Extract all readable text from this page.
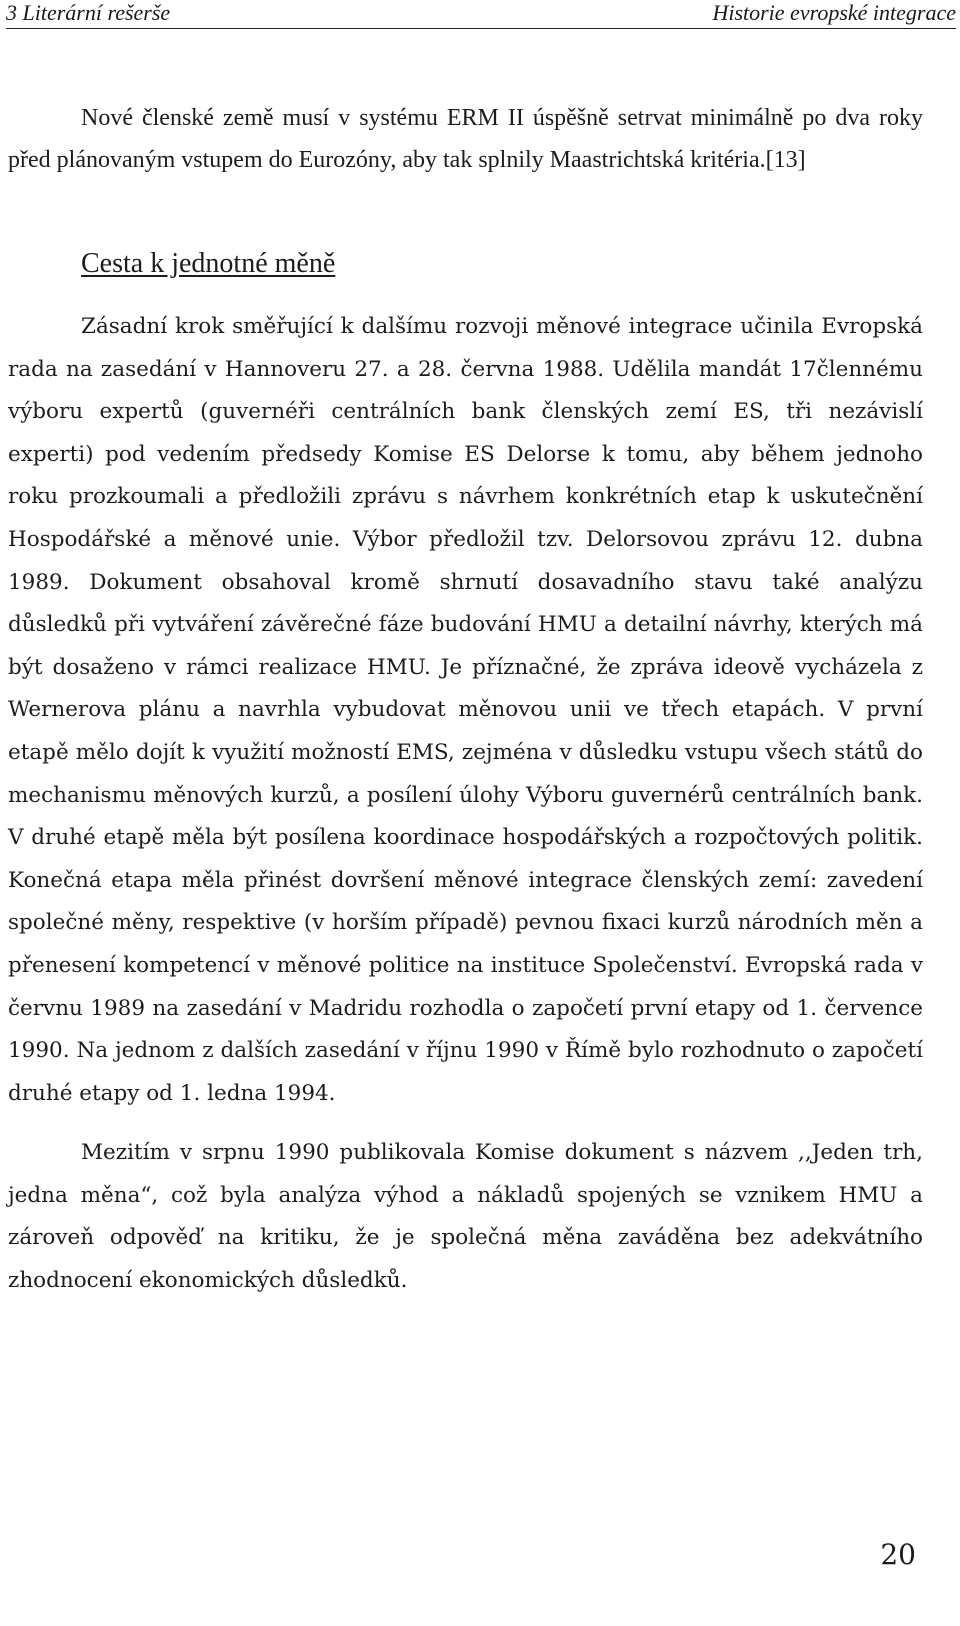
3 Literární rešerše	Historie evropské integrace

Nové členské země musí v systému ERM II úspěšně setrvat minimálně po dva roky před plánovaným vstupem do Eurozóny, aby tak splnily Maastrichtská kritéria.[13]

Cesta k jednotné měně

Zásadní krok směřující k dalšímu rozvoji měnové integrace učinila Evropská rada na zasedání v Hannoveru 27. a 28. června 1988. Udělila mandát 17člennému výboru expertů (guvernéři centrálních bank členských zemí ES, tři nezávislí experti) pod vedením předsedy Komise ES Delorse k tomu, aby během jednoho roku prozkoumali a předložili zprávu s návrhem konkrétních etap k uskutečnění Hospodářské a měnové unie. Výbor předložil tzv. Delorsovou zprávu 12. dubna 1989. Dokument obsahoval kromě shrnutí dosavadního stavu také analýzu důsledků při vytváření závěrečné fáze budování HMU a detailní návrhy, kterých má být dosaženo v rámci realizace HMU. Je příznačné, že zpráva ideově vycházela z Wernerova plánu a navrhla vybudovat měnovou unii ve třech etapách. V první etapě mělo dojít k využití možností EMS, zejména v důsledku vstupu všech států do mechanismu měnových kurzů, a posílení úlohy Výboru guvernérů centrálních bank. V druhé etapě měla být posílena koordinace hospodářských a rozpočtových politik. Konečná etapa měla přinést dovršení měnové integrace členských zemí: zavedení společné měny, respektive (v horším případě) pevnou fixaci kurzů národních měn a přenesení kompetencí v měnové politice na instituce Společenství. Evropská rada v červnu 1989 na zasedání v Madridu rozhodla o započetí první etapy od 1. července 1990. Na jednom z dalších zasedání v říjnu 1990 v Římě bylo rozhodnuto o započetí druhé etapy od 1. ledna 1994.

Mezitím v srpnu 1990 publikovala Komise dokument s názvem ,,Jeden trh, jedna měna“, což byla analýza výhod a nákladů spojených se vznikem HMU a zároveň odpověď na kritiku, že je společná měna zaváděna bez adekvátního zhodnocení ekonomických důsledků.

20
